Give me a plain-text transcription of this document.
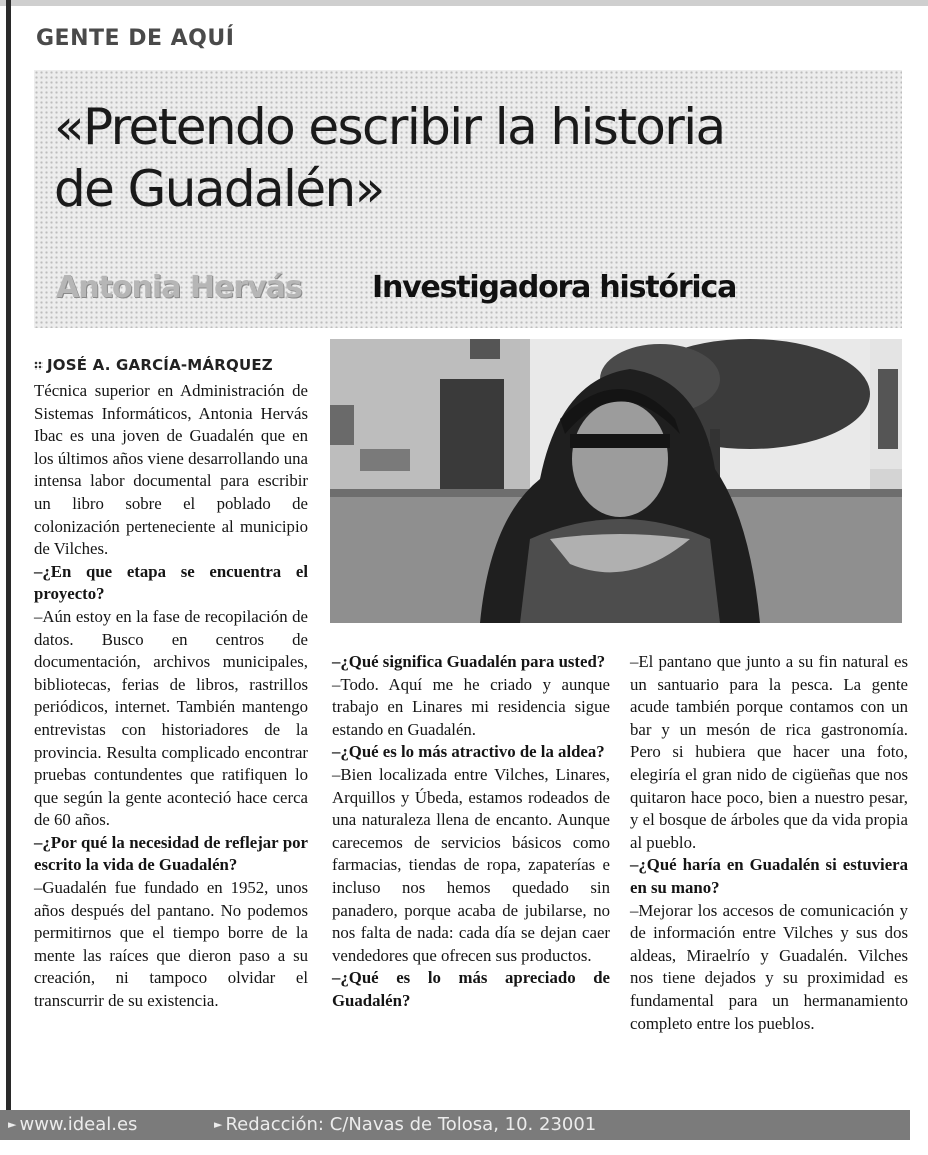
GENTE DE AQUÍ
«Pretendo escribir la historia
de Guadalén»
Antonia Hervás Investigadora histórica
JOSÉ A. GARCÍA-MÁRQUEZ

Técnica superior en Administración de Sistemas Informáticos, Antonia Hervás Ibac es una joven de Guadalén que en los últimos años viene desarrollando una intensa labor documental para escribir un libro sobre el poblado de colonización perteneciente al municipio de Vilches.

–¿En que etapa se encuentra el proyecto?

–Aún estoy en la fase de recopilación de datos. Busco en centros de documentación, archivos municipales, bibliotecas, ferias de libros, rastrillos periódicos, internet. También mantengo entrevistas con historiadores de la provincia. Resulta complicado encontrar pruebas contundentes que ratifiquen lo que según la gente aconteció hace cerca de 60 años.

–¿Por qué la necesidad de reflejar por escrito la vida de Guadalén?

–Guadalén fue fundado en 1952, unos años después del pantano. No podemos permitirnos que el tiempo borre de la mente las raíces que dieron paso a su creación, ni tampoco olvidar el transcurrir de su existencia.

–¿Qué significa Guadalén para usted?

–Todo. Aquí me he criado y aunque trabajo en Linares mi residencia sigue estando en Guadalén.

–¿Qué es lo más atractivo de la aldea?

–Bien localizada entre Vilches, Linares, Arquillos y Úbeda, estamos rodeados de una naturaleza llena de encanto. Aunque carecemos de servicios básicos como farmacias, tiendas de ropa, zapaterías e incluso nos hemos quedado sin panadero, porque acaba de jubilarse, no nos falta de nada: cada día se dejan caer vendedores que ofrecen sus productos.

–¿Qué es lo más apreciado de Guadalén?

–El pantano que junto a su fin natural es un santuario para la pesca. La gente acude también porque contamos con un bar y un mesón de rica gastronomía. Pero si hubiera que hacer una foto, elegiría el gran nido de cigüeñas que nos quitaron hace poco, bien a nuestro pesar, y el bosque de árboles que da vida propia al pueblo.

–¿Qué haría en Guadalén si estuviera en su mano?

–Mejorar los accesos de comunicación y de información entre Vilches y sus dos aldeas, Miraelrío y Guadalén. Vilches nos tiene dejados y su proximidad es fundamental para un hermanamiento completo entre los pueblos.

► www.ideal.es	► Redacción: C/Navas de Tolosa, 10. 23001
